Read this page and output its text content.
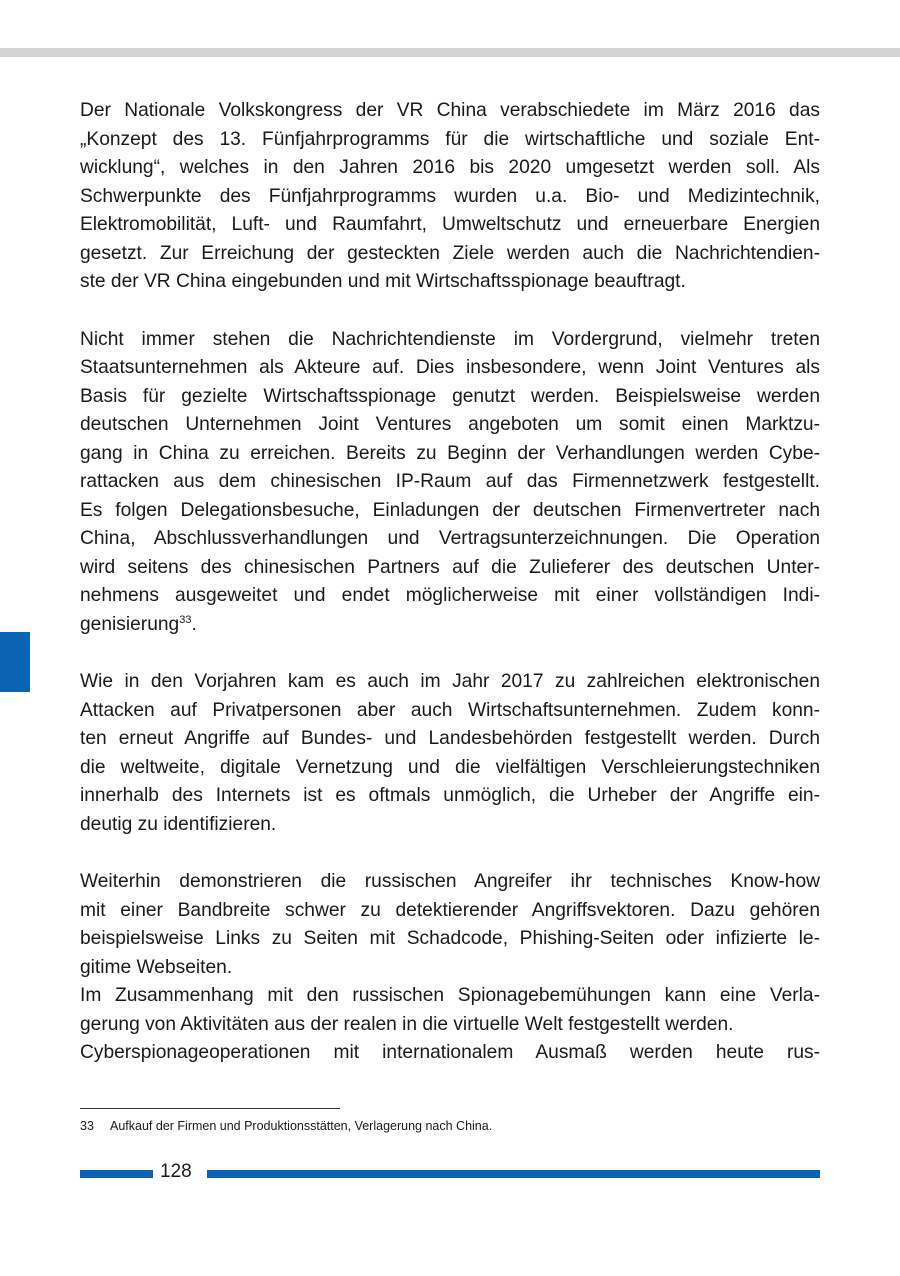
Der Nationale Volkskongress der VR China verabschiedete im März 2016 das
„Konzept des 13. Fünfjahrprogramms für die wirtschaftliche und soziale Ent-
wicklung“, welches in den Jahren 2016 bis 2020 umgesetzt werden soll. Als
Schwerpunkte des Fünfjahrprogramms wurden u.a. Bio- und Medizintechnik,
Elektromobilität, Luft- und Raumfahrt, Umweltschutz und erneuerbare Energien
gesetzt. Zur Erreichung der gesteckten Ziele werden auch die Nachrichtendien-
ste der VR China eingebunden und mit Wirtschaftsspionage beauftragt.

Nicht immer stehen die Nachrichtendienste im Vordergrund, vielmehr treten
Staatsunternehmen als Akteure auf. Dies insbesondere, wenn Joint Ventures als
Basis für gezielte Wirtschaftsspionage genutzt werden. Beispielsweise werden
deutschen Unternehmen Joint Ventures angeboten um somit einen Marktzu-
gang in China zu erreichen. Bereits zu Beginn der Verhandlungen werden Cybe-
rattacken aus dem chinesischen IP-Raum auf das Firmennetzwerk festgestellt.
Es folgen Delegationsbesuche, Einladungen der deutschen Firmenvertreter nach
China, Abschlussverhandlungen und Vertragsunterzeichnungen. Die Operation
wird seitens des chinesischen Partners auf die Zulieferer des deutschen Unter-
nehmens ausgeweitet und endet möglicherweise mit einer vollständigen Indi-
genisierung$^{33}$.

Wie in den Vorjahren kam es auch im Jahr 2017 zu zahlreichen elektronischen
Attacken auf Privatpersonen aber auch Wirtschaftsunternehmen. Zudem konn-
ten erneut Angriffe auf Bundes- und Landesbehörden festgestellt werden. Durch
die weltweite, digitale Vernetzung und die vielfältigen Verschleierungstechniken
innerhalb des Internets ist es oftmals unmöglich, die Urheber der Angriffe ein-
deutig zu identifizieren.

Weiterhin demonstrieren die russischen Angreifer ihr technisches Know-how
mit einer Bandbreite schwer zu detektierender Angriffsvektoren. Dazu gehören
beispielsweise Links zu Seiten mit Schadcode, Phishing-Seiten oder infizierte le-
gitime Webseiten.

Im Zusammenhang mit den russischen Spionagebemühungen kann eine Verla-
gerung von Aktivitäten aus der realen in die virtuelle Welt festgestellt werden.

Cyberspionageoperationen mit internationalem Ausmaß werden heute rus-

33 Aufkauf der Firmen und Produktionsstätten, Verlagerung nach China.
128
